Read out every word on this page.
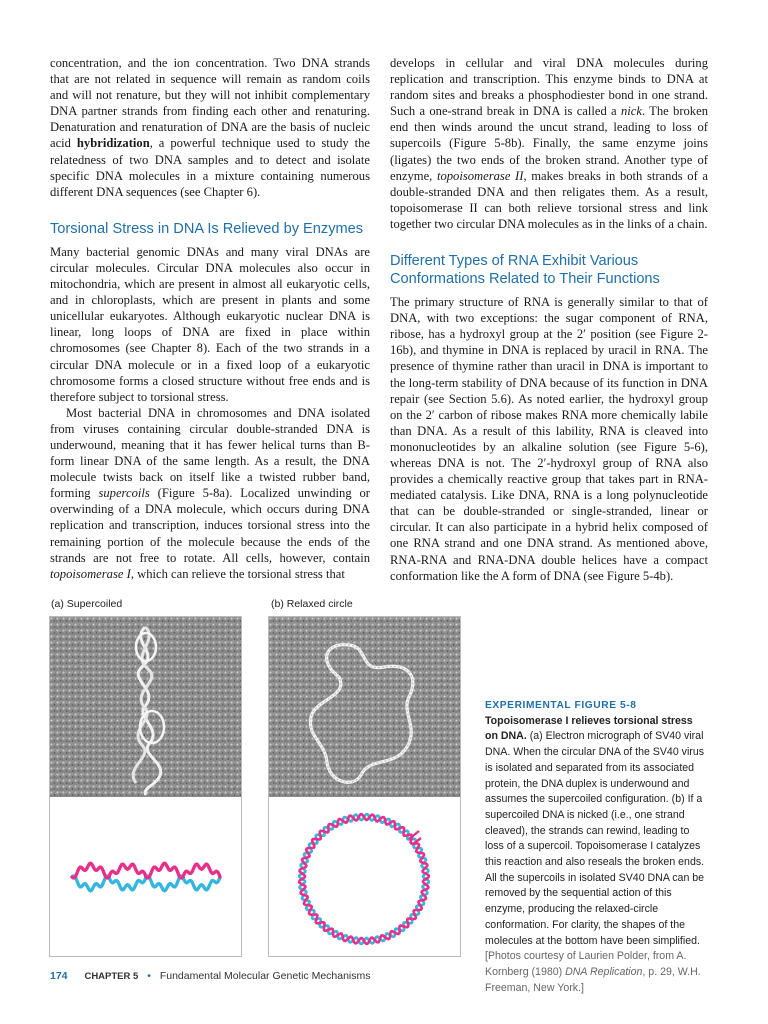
concentration, and the ion concentration. Two DNA strands that are not related in sequence will remain as random coils and will not renature, but they will not inhibit complementary DNA partner strands from finding each other and renaturing. Denaturation and renaturation of DNA are the basis of nucleic acid hybridization, a powerful technique used to study the relatedness of two DNA samples and to detect and isolate specific DNA molecules in a mixture containing numerous different DNA sequences (see Chapter 6).

Torsional Stress in DNA Is Relieved by Enzymes

Many bacterial genomic DNAs and many viral DNAs are circular molecules. Circular DNA molecules also occur in mitochondria, which are present in almost all eukaryotic cells, and in chloroplasts, which are present in plants and some unicellular eukaryotes. Although eukaryotic nuclear DNA is linear, long loops of DNA are fixed in place within chromosomes (see Chapter 8). Each of the two strands in a circular DNA molecule or in a fixed loop of a eukaryotic chromosome forms a closed structure without free ends and is therefore subject to torsional stress.

Most bacterial DNA in chromosomes and DNA isolated from viruses containing circular double-stranded DNA is underwound, meaning that it has fewer helical turns than B-form linear DNA of the same length. As a result, the DNA molecule twists back on itself like a twisted rubber band, forming supercoils (Figure 5-8a). Localized unwinding or overwinding of a DNA molecule, which occurs during DNA replication and transcription, induces torsional stress into the remaining portion of the molecule because the ends of the strands are not free to rotate. All cells, however, contain topoisomerase I, which can relieve the torsional stress that

develops in cellular and viral DNA molecules during replication and transcription. This enzyme binds to DNA at random sites and breaks a phosphodiester bond in one strand. Such a one-strand break in DNA is called a nick. The broken end then winds around the uncut strand, leading to loss of supercoils (Figure 5-8b). Finally, the same enzyme joins (ligates) the two ends of the broken strand. Another type of enzyme, topoisomerase II, makes breaks in both strands of a double-stranded DNA and then religates them. As a result, topoisomerase II can both relieve torsional stress and link together two circular DNA molecules as in the links of a chain.

Different Types of RNA Exhibit Various Conformations Related to Their Functions

The primary structure of RNA is generally similar to that of DNA, with two exceptions: the sugar component of RNA, ribose, has a hydroxyl group at the 2′ position (see Figure 2-16b), and thymine in DNA is replaced by uracil in RNA. The presence of thymine rather than uracil in DNA is important to the long-term stability of DNA because of its function in DNA repair (see Section 5.6). As noted earlier, the hydroxyl group on the 2′ carbon of ribose makes RNA more chemically labile than DNA. As a result of this lability, RNA is cleaved into mononucleotides by an alkaline solution (see Figure 5-6), whereas DNA is not. The 2′-hydroxyl group of RNA also provides a chemically reactive group that takes part in RNA-mediated catalysis. Like DNA, RNA is a long polynucleotide that can be double-stranded or single-stranded, linear or circular. It can also participate in a hybrid helix composed of one RNA strand and one DNA strand. As mentioned above, RNA-RNA and RNA-DNA double helices have a compact conformation like the A form of DNA (see Figure 5-4b).

(a) Supercoiled	(b) Relaxed circle
EXPERIMENTAL FIGURE 5-8 Topoisomerase I relieves torsional stress on DNA. (a) Electron micrograph of SV40 viral DNA. When the circular DNA of the SV40 virus is isolated and separated from its associated protein, the DNA duplex is underwound and assumes the supercoiled configuration. (b) If a supercoiled DNA is nicked (i.e., one strand cleaved), the strands can rewind, leading to loss of a supercoil. Topoisomerase I catalyzes this reaction and also reseals the broken ends. All the supercoils in isolated SV40 DNA can be removed by the sequential action of this enzyme, producing the relaxed-circle conformation. For clarity, the shapes of the molecules at the bottom have been simplified. [Photos courtesy of Laurien Polder, from A. Kornberg (1980) DNA Replication, p. 29, W.H. Freeman, New York.]
174 CHAPTER 5 • Fundamental Molecular Genetic Mechanisms
